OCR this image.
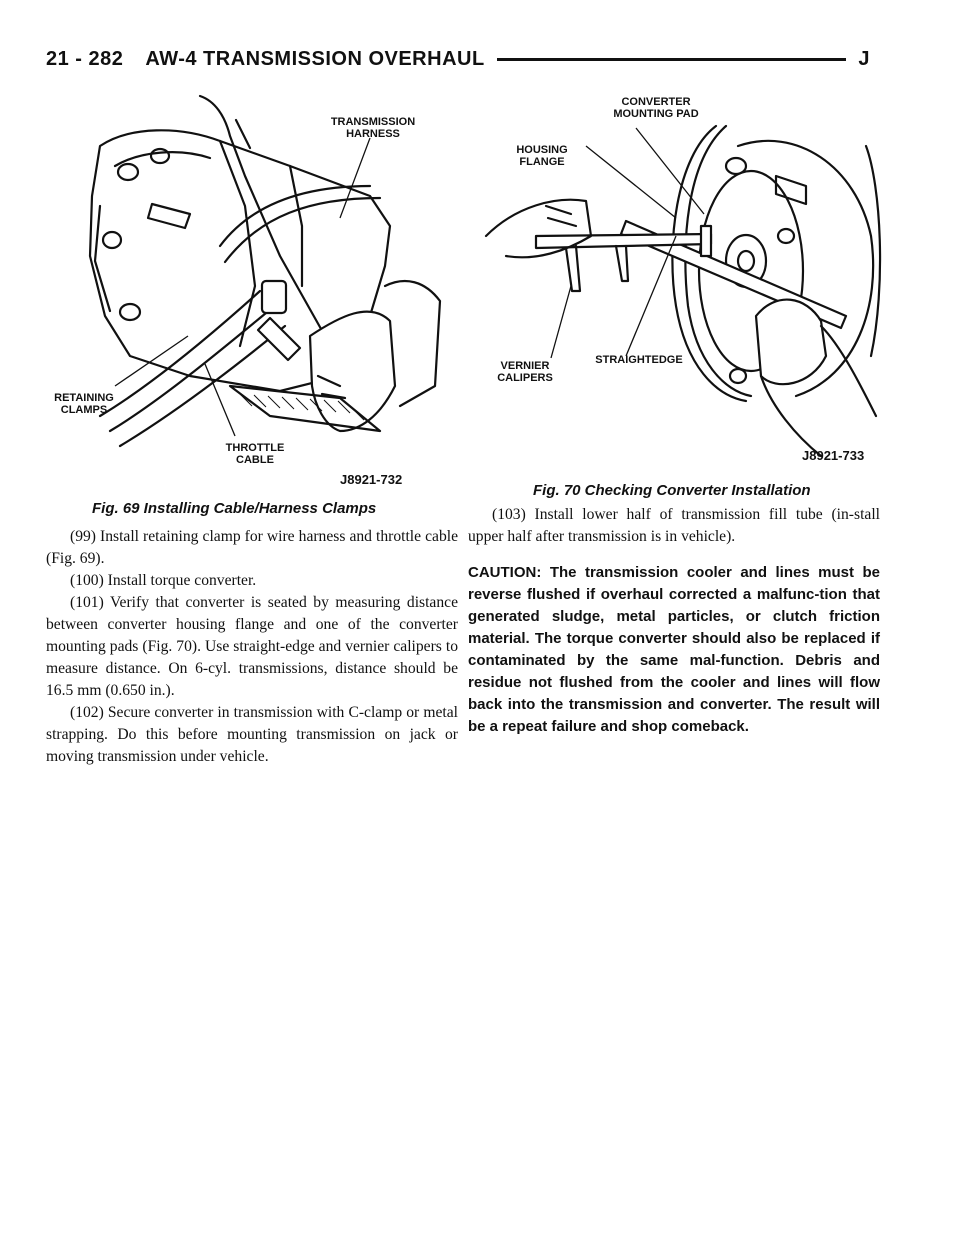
21 - 282 AW-4 TRANSMISSION OVERHAUL	J
TRANSMISSION
HARNESS
RETAINING
CLAMPS
THROTTLE
CABLE
J8921-732
Fig. 69 Installing Cable/Harness Clamps
CONVERTER
MOUNTING PAD
HOUSING
FLANGE
VERNIER
CALIPERS
STRAIGHTEDGE
J8921-733
Fig. 70 Checking Converter Installation

(99) Install retaining clamp for wire harness and throttle cable (Fig. 69).

(100) Install torque converter.

(101) Verify that converter is seated by measuring distance between converter housing flange and one of the converter mounting pads (Fig. 70). Use straight-edge and vernier calipers to measure distance. On 6-cyl. transmissions, distance should be 16.5 mm (0.650 in.).

(102) Secure converter in transmission with C-clamp or metal strapping. Do this before mounting transmission on jack or moving transmission under vehicle.

(103) Install lower half of transmission fill tube (in-stall upper half after transmission is in vehicle).

CAUTION: The transmission cooler and lines must be reverse flushed if overhaul corrected a malfunc-tion that generated sludge, metal particles, or clutch friction material. The torque converter should also be replaced if contaminated by the same mal-function. Debris and residue not flushed from the cooler and lines will flow back into the transmission and converter. The result will be a repeat failure and shop comeback.
